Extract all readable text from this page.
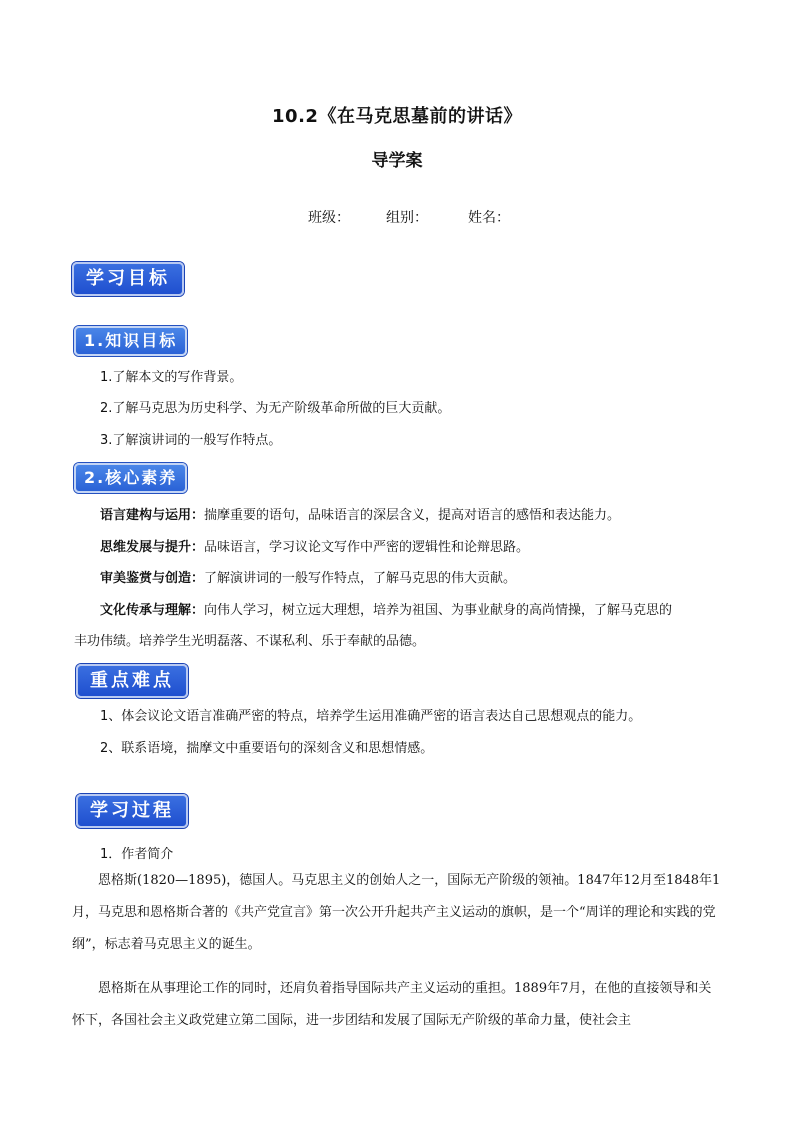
10.2《在马克思墓前的讲话》
导学案
班级：	组别：	姓名：
学习目标
1.知识目标
1.了解本文的写作背景。
2.了解马克思为历史科学、为无产阶级革命所做的巨大贡献。
3.了解演讲词的一般写作特点。
2.核心素养
语言建构与运用：揣摩重要的语句，品味语言的深层含义，提高对语言的感悟和表达能力。
思维发展与提升：品味语言，学习议论文写作中严密的逻辑性和论辩思路。
审美鉴赏与创造：了解演讲词的一般写作特点，了解马克思的伟大贡献。
文化传承与理解：向伟人学习，树立远大理想，培养为祖国、为事业献身的高尚情操，了解马克思的
丰功伟绩。培养学生光明磊落、不谋私利、乐于奉献的品德。
重点难点
1、体会议论文语言准确严密的特点，培养学生运用准确严密的语言表达自己思想观点的能力。
2、联系语境，揣摩文中重要语句的深刻含义和思想情感。
学习过程
1．作者简介
恩格斯(1820—1895)，德国人。马克思主义的创始人之一，国际无产阶级的领袖。1847年12月至1848年1月，马克思和恩格斯合著的《共产党宣言》第一次公开升起共产主义运动的旗帜，是一个“周详的理论和实践的党纲”，标志着马克思主义的诞生。
恩格斯在从事理论工作的同时，还肩负着指导国际共产主义运动的重担。1889年7月，在他的直接领导和关怀下，各国社会主义政党建立第二国际，进一步团结和发展了国际无产阶级的革命力量，使社会主
